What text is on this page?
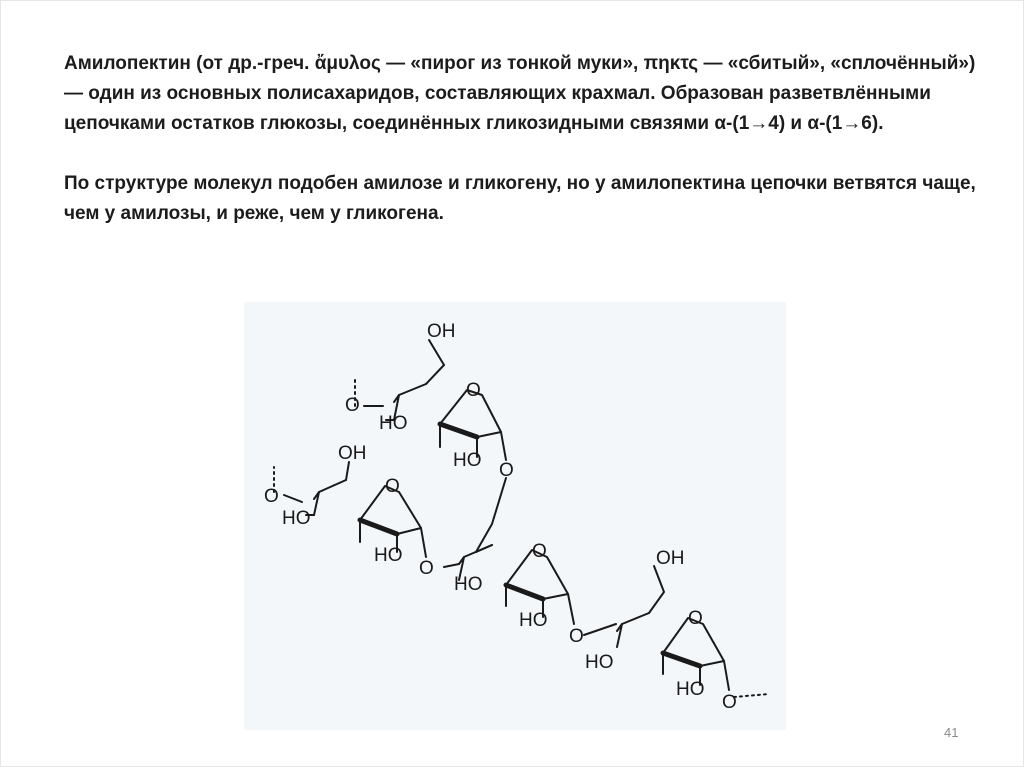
Амилопектин (от др.-греч. ἄμυλος — «пирог из тонкой муки», πηκτς — «сбитый», «сплочённый») — один из основных полисахаридов, составляющих крахмал. Образован разветвлёнными цепочками остатков глюкозы, соединённых гликозидными связями α-(1→4) и α-(1→6).

По структуре молекул подобен амилозе и гликогену, но у амилопектина цепочки ветвятся чаще, чем у амилозы, и реже, чем у гликогена.

OH
O
O
HO
HO O
OH
O
O
HO
HO
O
O
HO
HO
O
OH
O
HO
HO
O
41
